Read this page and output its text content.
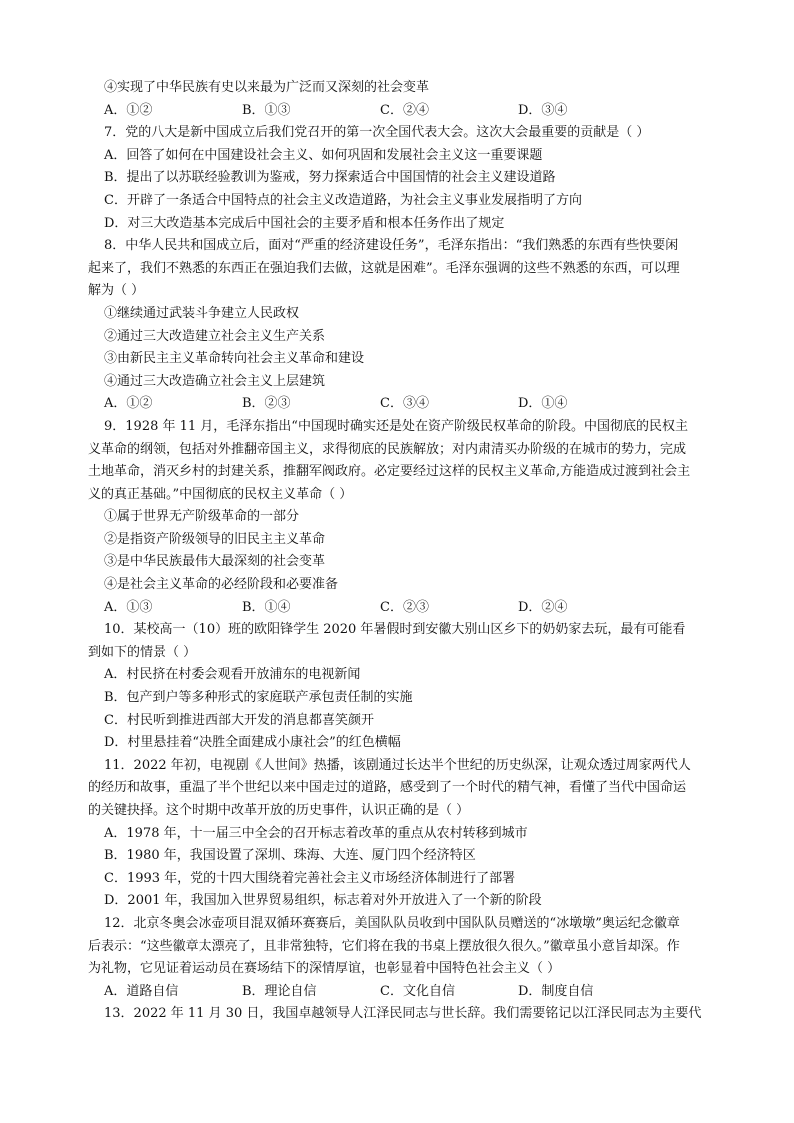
④实现了中华民族有史以来最为广泛而又深刻的社会变革
A．①②	B．①③	C．②④	D．③④
7．党的八大是新中国成立后我们党召开的第一次全国代表大会。这次大会最重要的贡献是（ ）
A．回答了如何在中国建设社会主义、如何巩固和发展社会主义这一重要课题
B．提出了以苏联经验教训为鉴戒，努力探索适合中国国情的社会主义建设道路
C．开辟了一条适合中国特点的社会主义改造道路，为社会主义事业发展指明了方向
D．对三大改造基本完成后中国社会的主要矛盾和根本任务作出了规定
8．中华人民共和国成立后，面对“严重的经济建设任务”，毛泽东指出：“我们熟悉的东西有些快要闲
起来了，我们不熟悉的东西正在强迫我们去做，这就是困难”。毛泽东强调的这些不熟悉的东西，可以理
解为（ ）
①继续通过武装斗争建立人民政权
②通过三大改造建立社会主义生产关系
③由新民主主义革命转向社会主义革命和建设
④通过三大改造确立社会主义上层建筑
A．①②	B．②③	C．③④	D．①④
9．1928 年 11 月，毛泽东指出“中国现时确实还是处在资产阶级民权革命的阶段。中国彻底的民权主
义革命的纲领，包括对外推翻帝国主义，求得彻底的民族解放；对内肃清买办阶级的在城市的势力，完成
土地革命，消灭乡村的封建关系，推翻军阀政府。必定要经过这样的民权主义革命,方能造成过渡到社会主
义的真正基础。”中国彻底的民权主义革命（ ）
①属于世界无产阶级革命的一部分
②是指资产阶级领导的旧民主主义革命
③是中华民族最伟大最深刻的社会变革
④是社会主义革命的必经阶段和必要准备
A．①③	B．①④	C．②③	D．②④
10．某校高一（10）班的欧阳锋学生 2020 年暑假时到安徽大别山区乡下的奶奶家去玩，最有可能看
到如下的情景（ ）
A．村民挤在村委会观看开放浦东的电视新闻
B．包产到户等多种形式的家庭联产承包责任制的实施
C．村民听到推进西部大开发的消息都喜笑颜开
D．村里悬挂着“决胜全面建成小康社会”的红色横幅
11．2022 年初，电视剧《人世间》热播，该剧通过长达半个世纪的历史纵深，让观众透过周家两代人
的经历和故事，重温了半个世纪以来中国走过的道路，感受到了一个时代的精气神，看懂了当代中国命运
的关键抉择。这个时期中改革开放的历史事件，认识正确的是（ ）
A．1978 年，十一届三中全会的召开标志着改革的重点从农村转移到城市
B．1980 年，我国设置了深圳、珠海、大连、厦门四个经济特区
C．1993 年，党的十四大围绕着完善社会主义市场经济体制进行了部署
D．2001 年，我国加入世界贸易组织，标志着对外开放进入了一个新的阶段
12．北京冬奥会冰壶项目混双循环赛赛后，美国队队员收到中国队队员赠送的“冰墩墩”奥运纪念徽章
后表示：“这些徽章太漂亮了，且非常独特，它们将在我的书桌上摆放很久很久。”徽章虽小意旨却深。作
为礼物，它见证着运动员在赛场结下的深情厚谊，也彰显着中国特色社会主义（ ）
A．道路自信	B．理论自信	C．文化自信	D．制度自信
13．2022 年 11 月 30 日，我国卓越领导人江泽民同志与世长辞。我们需要铭记以江泽民同志为主要代
